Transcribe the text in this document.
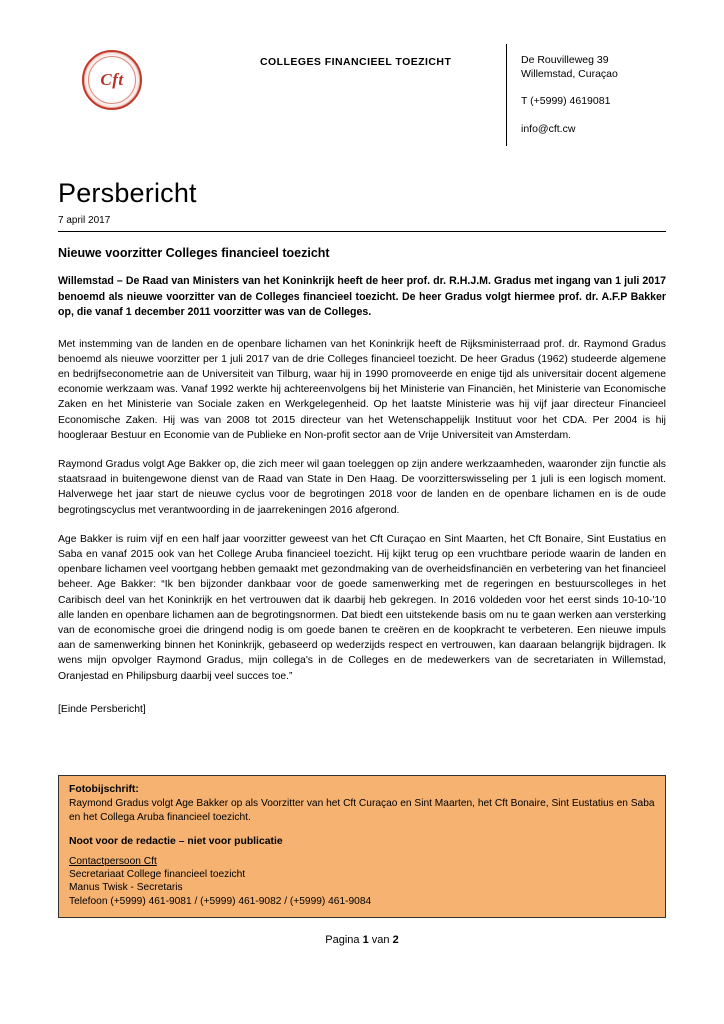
Cft
COLLEGES FINANCIEEL TOEZICHT	De Rouvilleweg 39
Willemstad, Curaçao
T (+5999) 4619081
info@cft.cw
Persbericht
7 april 2017
Nieuwe voorzitter Colleges financieel toezicht

Willemstad – De Raad van Ministers van het Koninkrijk heeft de heer prof. dr. R.H.J.M. Gradus met ingang van 1 juli 2017 benoemd als nieuwe voorzitter van de Colleges financieel toezicht. De heer Gradus volgt hiermee prof. dr. A.F.P Bakker op, die vanaf 1 december 2011 voorzitter was van de Colleges.

Met instemming van de landen en de openbare lichamen van het Koninkrijk heeft de Rijksministerraad prof. dr. Raymond Gradus benoemd als nieuwe voorzitter per 1 juli 2017 van de drie Colleges financieel toezicht. De heer Gradus (1962) studeerde algemene en bedrijfseconometrie aan de Universiteit van Tilburg, waar hij in 1990 promoveerde en enige tijd als universitair docent algemene economie werkzaam was. Vanaf 1992 werkte hij achtereenvolgens bij het Ministerie van Financiën, het Ministerie van Economische Zaken en het Ministerie van Sociale zaken en Werkgelegenheid. Op het laatste Ministerie was hij vijf jaar directeur Financieel Economische Zaken. Hij was van 2008 tot 2015 directeur van het Wetenschappelijk Instituut voor het CDA. Per 2004 is hij hoogleraar Bestuur en Economie van de Publieke en Non-profit sector aan de Vrije Universiteit van Amsterdam.

Raymond Gradus volgt Age Bakker op, die zich meer wil gaan toeleggen op zijn andere werkzaamheden, waaronder zijn functie als staatsraad in buitengewone dienst van de Raad van State in Den Haag. De voorzitterswisseling per 1 juli is een logisch moment. Halverwege het jaar start de nieuwe cyclus voor de begrotingen 2018 voor de landen en de openbare lichamen en is de oude begrotingscyclus met verantwoording in de jaarrekeningen 2016 afgerond.

Age Bakker is ruim vijf en een half jaar voorzitter geweest van het Cft Curaçao en Sint Maarten, het Cft Bonaire, Sint Eustatius en Saba en vanaf 2015 ook van het College Aruba financieel toezicht. Hij kijkt terug op een vruchtbare periode waarin de landen en openbare lichamen veel voortgang hebben gemaakt met gezondmaking van de overheidsfinanciën en verbetering van het financieel beheer. Age Bakker: “Ik ben bijzonder dankbaar voor de goede samenwerking met de regeringen en bestuurscolleges in het Caribisch deel van het Koninkrijk en het vertrouwen dat ik daarbij heb gekregen. In 2016 voldeden voor het eerst sinds 10-10-'10 alle landen en openbare lichamen aan de begrotingsnormen. Dat biedt een uitstekende basis om nu te gaan werken aan versterking van de economische groei die dringend nodig is om goede banen te creëren en de koopkracht te verbeteren. Een nieuwe impuls aan de samenwerking binnen het Koninkrijk, gebaseerd op wederzijds respect en vertrouwen, kan daaraan belangrijk bijdragen. Ik wens mijn opvolger Raymond Gradus, mijn collega's in de Colleges en de medewerkers van de secretariaten in Willemstad, Oranjestad en Philipsburg daarbij veel succes toe.”

[Einde Persbericht]

Fotobijschrift:

Raymond Gradus volgt Age Bakker op als Voorzitter van het Cft Curaçao en Sint Maarten, het Cft Bonaire, Sint Eustatius en Saba en het Collega Aruba financieel toezicht.

Noot voor de redactie – niet voor publicatie
Contactpersoon Cft
Secretariaat College financieel toezicht
Manus Twisk - Secretaris
Telefoon (+5999) 461-9081 / (+5999) 461-9082 / (+5999) 461-9084
Pagina 1 van 2
